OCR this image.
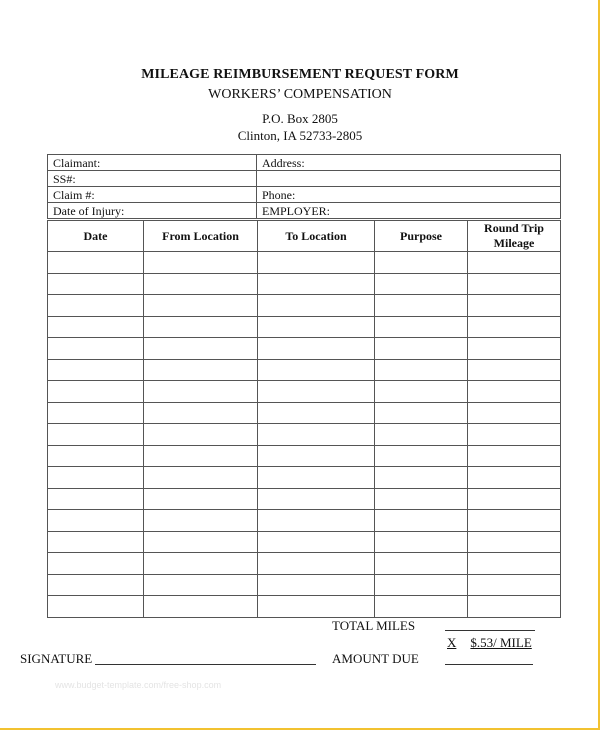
MILEAGE REIMBURSEMENT REQUEST FORM
WORKERS’ COMPENSATION
P.O. Box 2805
Clinton, IA 52733-2805
Claimant:	Address:
SS#:	
Claim #:	Phone:
Date of Injury:	EMPLOYER:
Date	From Location	To Location	Purpose	Round Trip Mileage

TOTAL MILES
X $.53/ MILE
SIGNATURE	AMOUNT DUE
www.budget-template.com/free-shop.com
